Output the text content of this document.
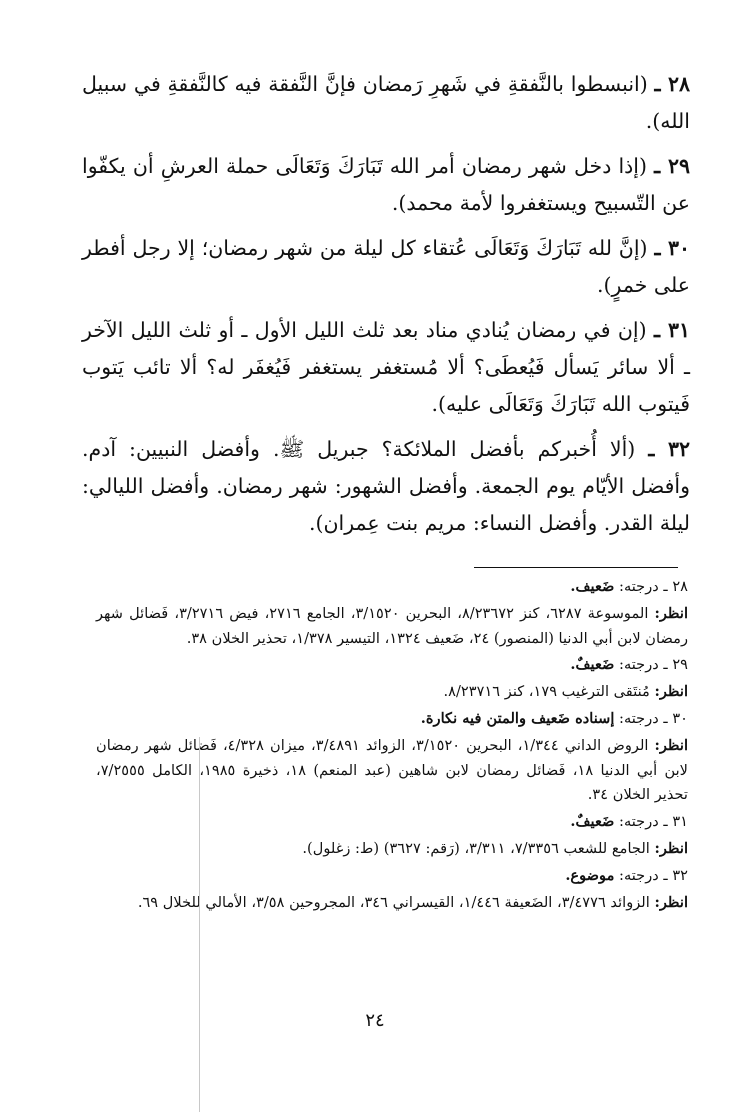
٢٨ ـ (انبسطوا بالنَّفقةِ في شَهرِ رَمضان فإنَّ النَّفقة فيه كالنَّفقةِ في سبيل الله).

٢٩ ـ (إذا دخل شهر رمضان أمر الله تَبَارَكَ وَتَعَالَى حملة العرشِ أن يكفّوا عن التّسبيح ويستغفروا لأمة محمد).

٣٠ ـ (إنَّ لله تَبَارَكَ وَتَعَالَى عُتقاء كل ليلة من شهر رمضان؛ إلا رجل أفطر على خمرٍ).

٣١ ـ (إن في رمضان يُنادي مناد بعد ثلث الليل الأول ـ أو ثلث الليل الآخر ـ ألا سائر يَسأل فَيُعطَى؟ ألا مُستغفر يستغفر فَيُغفَر له؟ ألا تائب يَتوب فَيتوب الله تَبَارَكَ وَتَعَالَى عليه).

٣٢ ـ (ألا أُخبركم بأفضل الملائكة؟ جبريل ﷺ. وأفضل النبيين: آدم. وأفضل الأيّام يوم الجمعة. وأفضل الشهور: شهر رمضان. وأفضل الليالي: ليلة القدر. وأفضل النساء: مريم بنت عِمران).

٢٨ ـ درجته: ضَعيف.

انظر: الموسوعة ٦٢٨٧، كنز ٨/٢٣٦٧٢، البحرين ٣/١٥٢٠، الجامع ٢٧١٦، فيض ٣/٢٧١٦، فَضائل شهر رمضان لابن أبي الدنيا (المنصور) ٢٤، ضَعيف ١٣٢٤، التيسير ١/٣٧٨، تحذير الخلان ٣٨.

٢٩ ـ درجته: ضَعيفٌ.

انظر: مُنتَقى الترغيب ١٧٩، كنز ٨/٢٣٧١٦.

٣٠ ـ درجته: إسناده ضَعيف والمتن فيه نكارة.

انظر: الروض الداني ١/٣٤٤، البحرين ٣/١٥٢٠، الزوائد ٣/٤٨٩١، ميزان ٤/٣٢٨، فَضائل شهر رمضان لابن أبي الدنيا ١٨، فَضائل رمضان لابن شاهين (عبد المنعم) ١٨، ذخيرة ١٩٨٥، الكامل ٧/٢٥٥٥، تحذير الخلان ٣٤.

٣١ ـ درجته: ضَعيفٌ.

انظر: الجامع للشعب ٧/٣٣٥٦، ٣/٣١١، (رَقم: ٣٦٢٧) (ط: زغلول).

٣٢ ـ درجته: موضوع.

انظر: الزوائد ٣/٤٧٧٦، الضَعيفة ١/٤٤٦، القيسراني ٣٤٦، المجروحين ٣/٥٨، الأمالي للخلال ٦٩.

٢٤
